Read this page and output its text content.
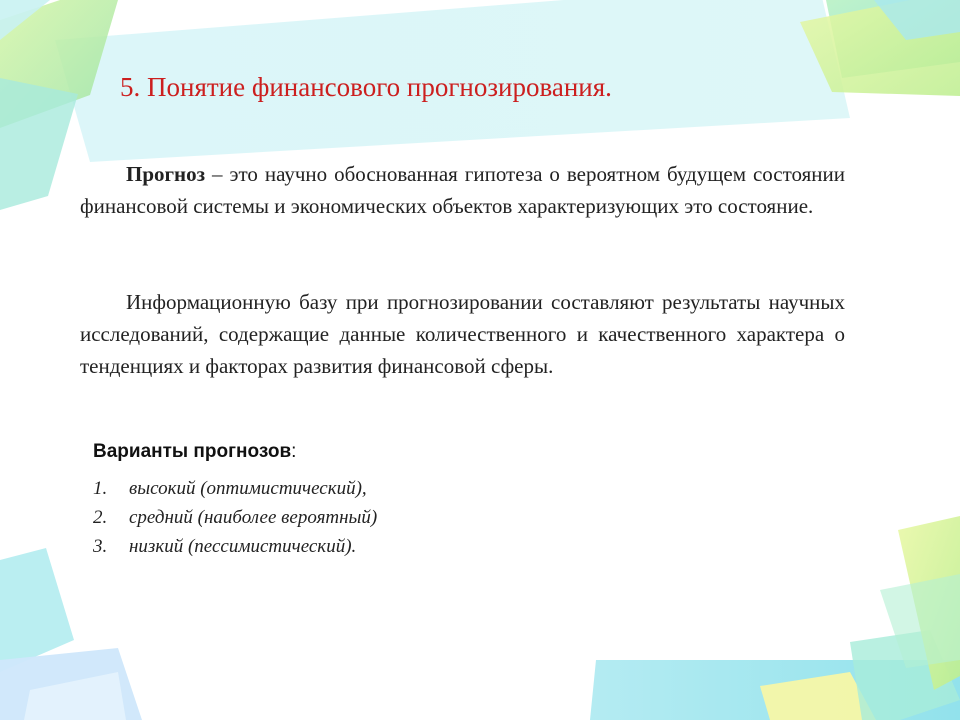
5. Понятие финансового прогнозирования.

Прогноз – это научно обоснованная гипотеза о вероятном будущем состоянии финансовой системы и экономических объектов характеризующих это состояние.

Информационную базу при прогнозировании составляют результаты научных исследований, содержащие данные количественного и качественного характера о тенденциях и факторах развития финансовой сферы.

Варианты прогнозов:
1. высокий (оптимистический),
2. средний (наиболее вероятный)
3. низкий (пессимистический).
